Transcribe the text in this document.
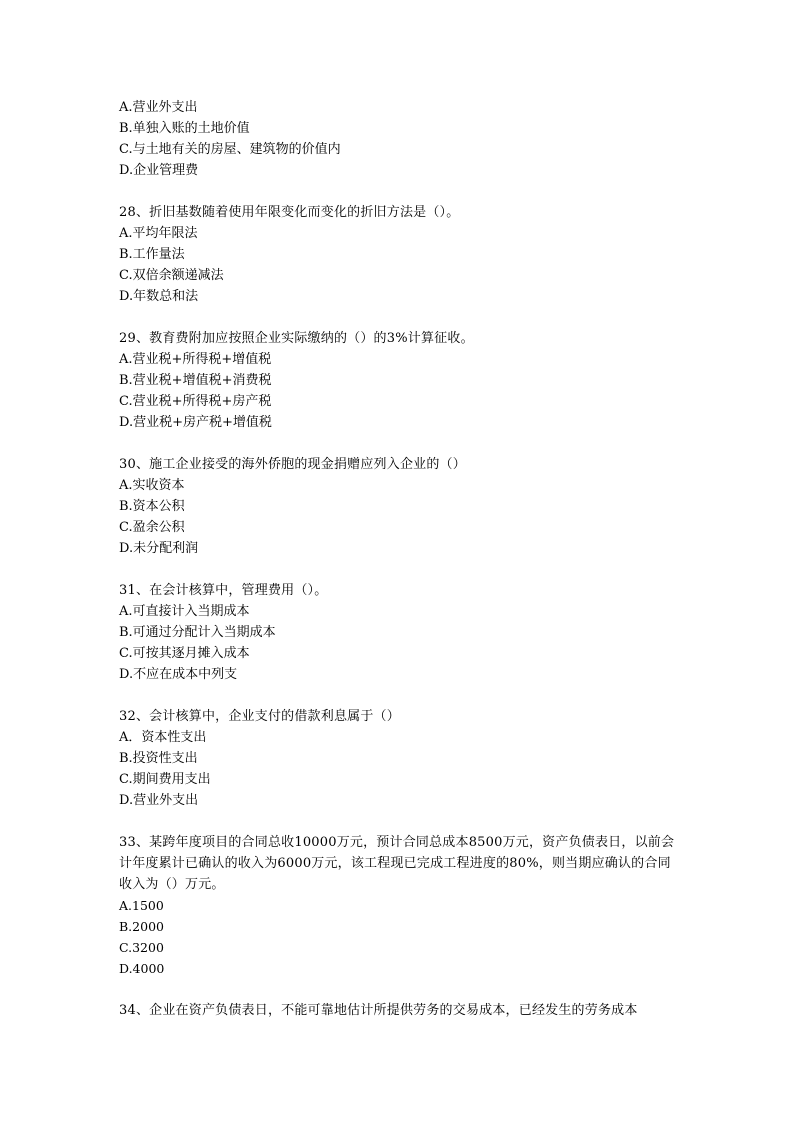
A.营业外支出
B.单独入账的土地价值
C.与土地有关的房屋、建筑物的价值内
D.企业管理费

28、折旧基数随着使用年限变化而变化的折旧方法是（）。

A.平均年限法
B.工作量法
C.双倍余额递减法
D.年数总和法

29、教育费附加应按照企业实际缴纳的（）的3%计算征收。

A.营业税+所得税+增值税
B.营业税+增值税+消费税
C.营业税+所得税+房产税
D.营业税+房产税+增值税

30、施工企业接受的海外侨胞的现金捐赠应列入企业的（）

A.实收资本
B.资本公积
C.盈余公积
D.未分配利润

31、在会计核算中，管理费用（）。

A.可直接计入当期成本
B.可通过分配计入当期成本
C.可按其逐月摊入成本
D.不应在成本中列支

32、会计核算中，企业支付的借款利息属于（）

A．资本性支出
B.投资性支出
C.期间费用支出
D.营业外支出

33、某跨年度项目的合同总收10000万元，预计合同总成本8500万元，资产负债表日，以前会计年度累计已确认的收入为6000万元，该工程现已完成工程进度的80%，则当期应确认的合同收入为（）万元。

A.1500
B.2000
C.3200
D.4000

34、企业在资产负债表日，不能可靠地估计所提供劳务的交易成本，已经发生的劳务成本
